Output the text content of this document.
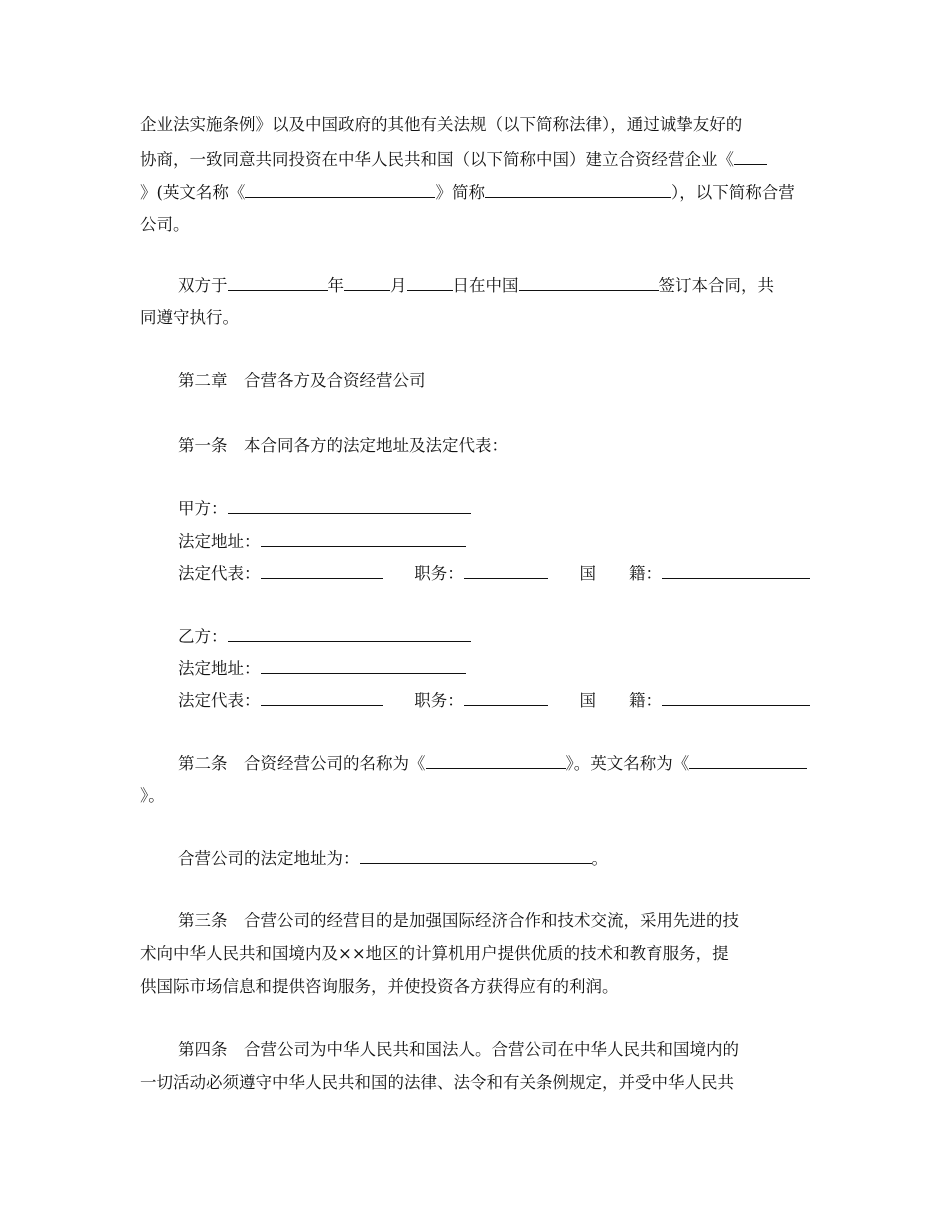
企业法实施条例》以及中国政府的其他有关法规（以下简称法律），通过诚挚友好的
协商，一致同意共同投资在中华人民共和国（以下简称中国）建立合资经营企业《
》(英文名称《	》简称	），以下简称合营
公司。
双方于	年	月	日在中国	签订本合同，共
同遵守执行。
第二章　合营各方及合资经营公司
第一条　本合同各方的法定地址及法定代表：
甲方：
法定地址：
法定代表：	职务：	国　　籍：
乙方：
法定地址：
法定代表：	职务：	国　　籍：
第二条　合资经营公司的名称为《	》。英文名称为《
》。
合营公司的法定地址为：	。
第三条　合营公司的经营目的是加强国际经济合作和技术交流，采用先进的技
术向中华人民共和国境内及××地区的计算机用户提供优质的技术和教育服务，提
供国际市场信息和提供咨询服务，并使投资各方获得应有的利润。
第四条　合营公司为中华人民共和国法人。合营公司在中华人民共和国境内的
一切活动必须遵守中华人民共和国的法律、法令和有关条例规定，并受中华人民共
